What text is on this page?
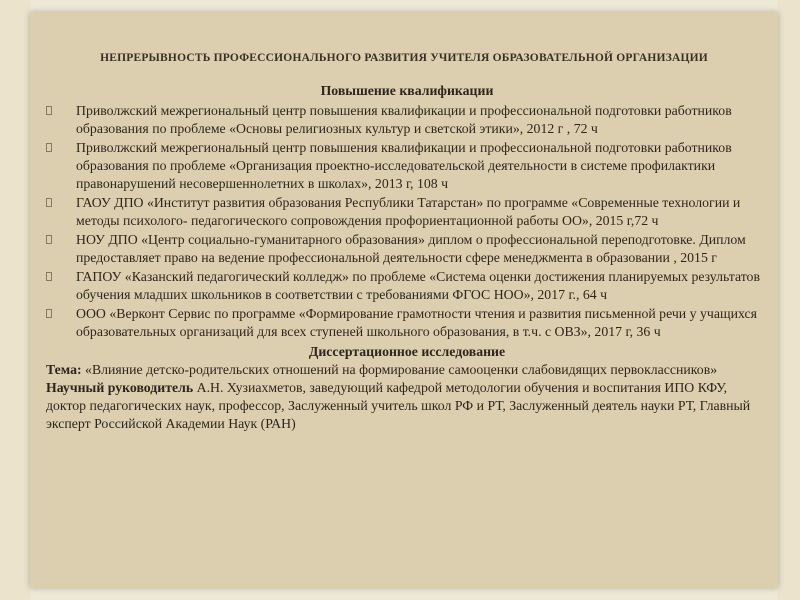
НЕПРЕРЫВНОСТЬ ПРОФЕССИОНАЛЬНОГО РАЗВИТИЯ УЧИТЕЛЯ ОБРАЗОВАТЕЛЬНОЙ ОРГАНИЗАЦИИ
Повышение квалификации
Приволжский межрегиональный центр повышения квалификации и профессиональной подготовки работников образования по проблеме «Основы религиозных культур и светской этики», 2012 г , 72 ч
Приволжский межрегиональный центр повышения квалификации и профессиональной подготовки работников образования по проблеме «Организация проектно-исследовательской деятельности в системе профилактики правонарушений несовершеннолетних в школах», 2013 г, 108 ч
ГАОУ ДПО «Институт развития образования Республики Татарстан» по программе «Современные технологии и методы психолого- педагогического сопровождения профориентационной работы ОО», 2015 г,72 ч
НОУ ДПО «Центр социально-гуманитарного образования» диплом о профессиональной переподготовке. Диплом предоставляет право на ведение профессиональной деятельности сфере менеджмента в образовании , 2015 г
ГАПОУ «Казанский педагогический колледж» по проблеме «Система оценки достижения планируемых результатов обучения младших школьников в соответствии с требованиями ФГОС НОО», 2017 г., 64 ч
ООО «Верконт Сервис по программе «Формирование грамотности чтения и развития письменной речи у учащихся образовательных организаций для всех ступеней школьного образования, в т.ч. с ОВЗ», 2017 г, 36 ч
Диссертационное исследование

Тема: «Влияние детско-родительских отношений на формирование самооценки слабовидящих первоклассников» Научный руководитель А.Н. Хузиахметов, заведующий кафедрой методологии обучения и воспитания ИПО КФУ, доктор педагогических наук, профессор, Заслуженный учитель школ РФ и РТ, Заслуженный деятель науки РТ, Главный эксперт Российской Академии Наук (РАН)
